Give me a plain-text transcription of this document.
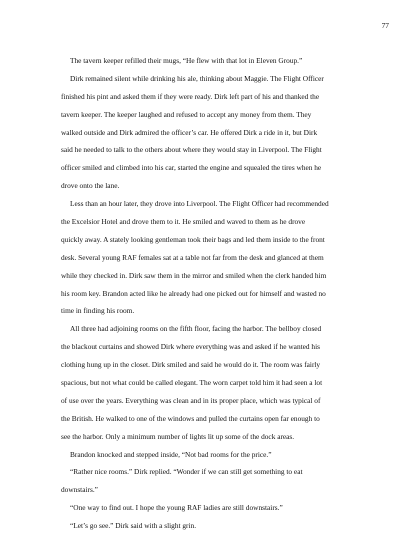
77
The tavern keeper refilled their mugs, “He flew with that lot in Eleven Group.”
Dirk remained silent while drinking his ale, thinking about Maggie. The Flight Officer
finished his pint and asked them if they were ready. Dirk left part of his and thanked the
tavern keeper. The keeper laughed and refused to accept any money from them. They
walked outside and Dirk admired the officer’s car. He offered Dirk a ride in it, but Dirk
said he needed to talk to the others about where they would stay in Liverpool. The Flight
officer smiled and climbed into his car, started the engine and squealed the tires when he
drove onto the lane.
Less than an hour later, they drove into Liverpool. The Flight Officer had recommended
the Excelsior Hotel and drove them to it. He smiled and waved to them as he drove
quickly away. A stately looking gentleman took their bags and led them inside to the front
desk. Several young RAF females sat at a table not far from the desk and glanced at them
while they checked in. Dirk saw them in the mirror and smiled when the clerk handed him
his room key. Brandon acted like he already had one picked out for himself and wasted no
time in finding his room.
All three had adjoining rooms on the fifth floor, facing the harbor. The bellboy closed
the blackout curtains and showed Dirk where everything was and asked if he wanted his
clothing hung up in the closet. Dirk smiled and said he would do it. The room was fairly
spacious, but not what could be called elegant. The worn carpet told him it had seen a lot
of use over the years. Everything was clean and in its proper place, which was typical of
the British. He walked to one of the windows and pulled the curtains open far enough to
see the harbor. Only a minimum number of lights lit up some of the dock areas.
Brandon knocked and stepped inside, “Not bad rooms for the price.”
“Rather nice rooms.” Dirk replied. “Wonder if we can still get something to eat
downstairs.”
“One way to find out. I hope the young RAF ladies are still downstairs.”
“Let’s go see.” Dirk said with a slight grin.
